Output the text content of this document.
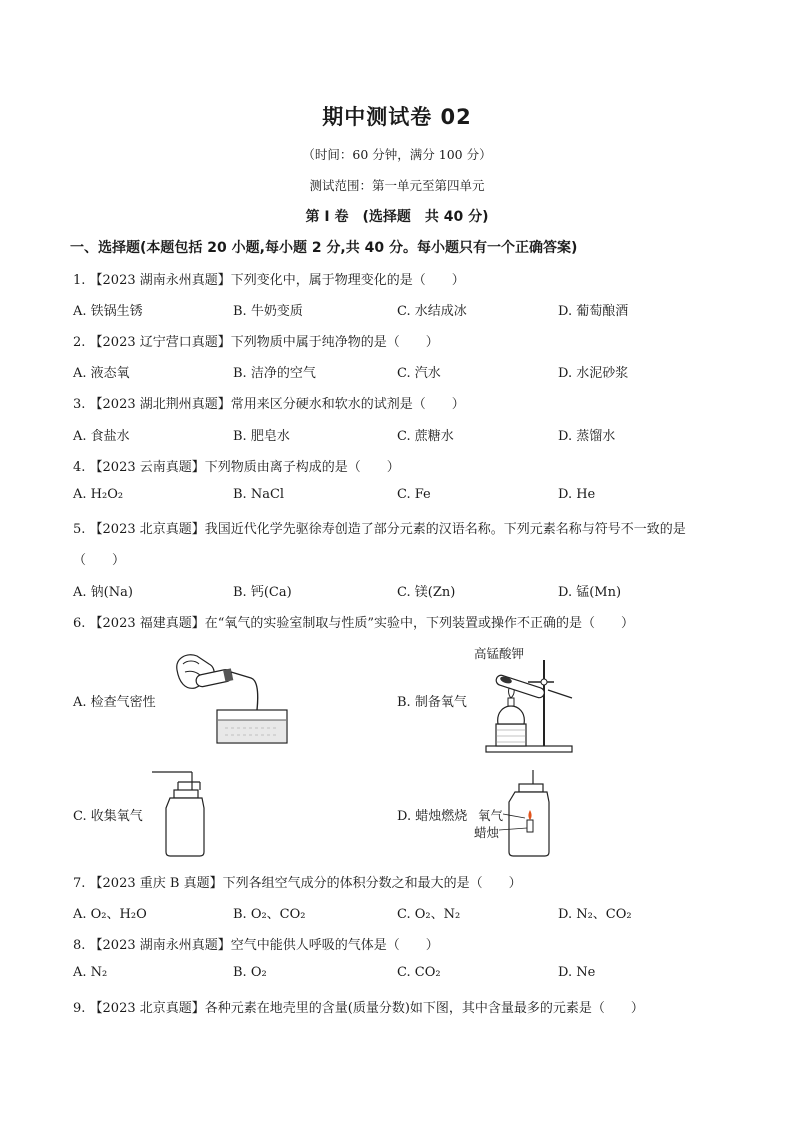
期中测试卷 02
（时间：60 分钟，满分 100 分）
测试范围：第一单元至第四单元
第 I 卷　(选择题　共 40 分)
一、选择题(本题包括 20 小题,每小题 2 分,共 40 分。每小题只有一个正确答案)
1. 【2023 湖南永州真题】下列变化中，属于物理变化的是（　　）
A. 铁锅生锈	B. 牛奶变质	C. 水结成冰	D. 葡萄酿酒
2. 【2023 辽宁营口真题】下列物质中属于纯净物的是（　　）
A. 液态氧	B. 洁净的空气	C. 汽水	D. 水泥砂浆
3. 【2023 湖北荆州真题】常用来区分硬水和软水的试剂是（　　）
A. 食盐水	B. 肥皂水	C. 蔗糖水	D. 蒸馏水
4. 【2023 云南真题】下列物质由离子构成的是（　　）
A. H₂O₂	B. NaCl	C. Fe	D. He
5. 【2023 北京真题】我国近代化学先驱徐寿创造了部分元素的汉语名称。下列元素名称与符号不一致的是
（　　）
A. 钠(Na)	B. 钙(Ca)	C. 镁(Zn)	D. 锰(Mn)
6. 【2023 福建真题】在“氧气的实验室制取与性质”实验中，下列装置或操作不正确的是（　　）
A. 检查气密性	B. 制备氧气
C. 收集氧气	D. 蜡烛燃烧
高锰酸钾
氧气
蜡烛
7. 【2023 重庆 B 真题】下列各组空气成分的体积分数之和最大的是（　　）
A. O₂、H₂O	B. O₂、CO₂	C. O₂、N₂	D. N₂、CO₂
8. 【2023 湖南永州真题】空气中能供人呼吸的气体是（　　）
A. N₂	B. O₂	C. CO₂	D. Ne
9. 【2023 北京真题】各种元素在地壳里的含量(质量分数)如下图，其中含量最多的元素是（　　）
